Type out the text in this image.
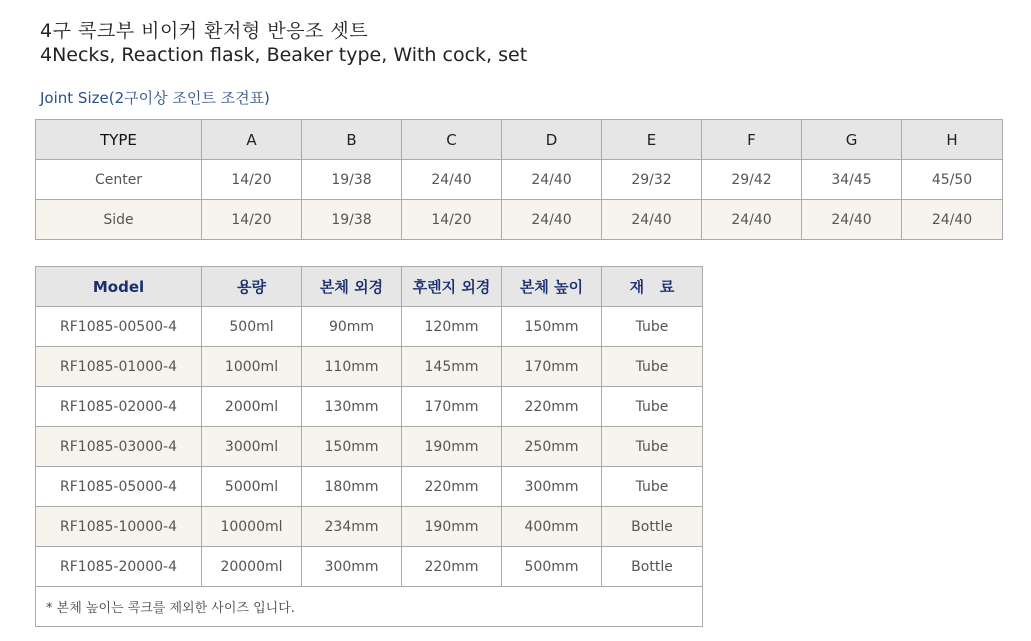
4구 콕크부 비이커 환저형 반응조 셋트
4Necks, Reaction flask, Beaker type, With cock, set
Joint Size(2구이상 조인트 조견표)
TYPE	A	B	C	D	E	F	G	H
Center	14/20	19/38	24/40	24/40	29/32	29/42	34/45	45/50
Side	14/20	19/38	14/20	24/40	24/40	24/40	24/40	24/40
Model	용량	본체 외경	후렌지 외경	본체 높이	재   료
RF1085-00500-4	500ml	90mm	120mm	150mm	Tube
RF1085-01000-4	1000ml	110mm	145mm	170mm	Tube
RF1085-02000-4	2000ml	130mm	170mm	220mm	Tube
RF1085-03000-4	3000ml	150mm	190mm	250mm	Tube
RF1085-05000-4	5000ml	180mm	220mm	300mm	Tube
RF1085-10000-4	10000ml	234mm	190mm	400mm	Bottle
RF1085-20000-4	20000ml	300mm	220mm	500mm	Bottle
* 본체 높이는 콕크를 제외한 사이즈 입니다.					
